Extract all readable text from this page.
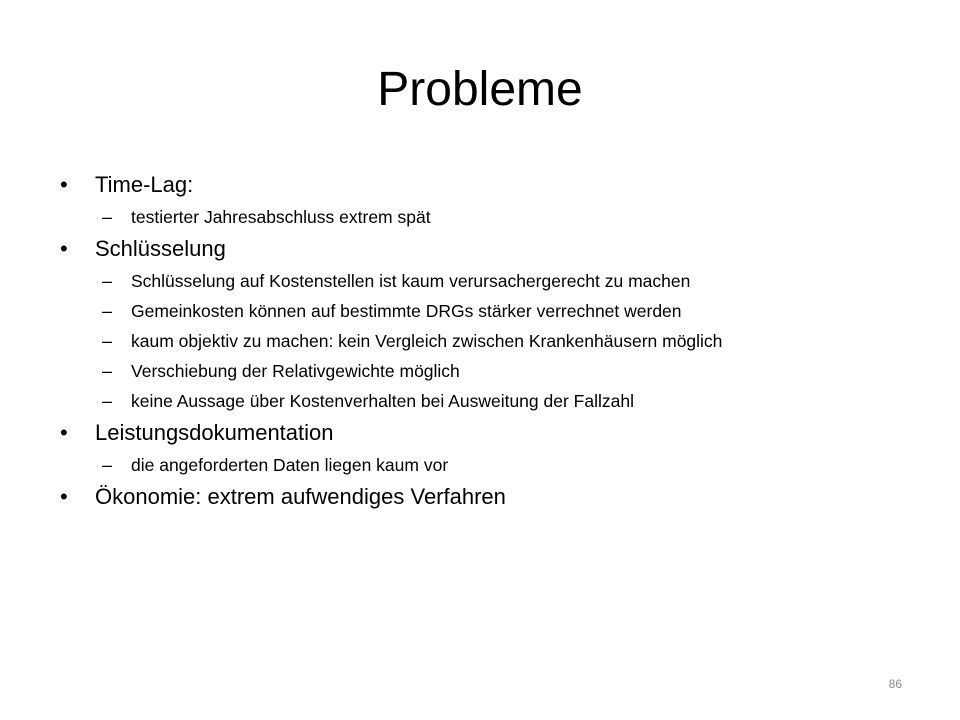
Probleme
• Time-Lag:
– testierter Jahresabschluss extrem spät
• Schlüsselung
– Schlüsselung auf Kostenstellen ist kaum verursachergerecht zu machen
– Gemeinkosten können auf bestimmte DRGs stärker verrechnet werden
– kaum objektiv zu machen: kein Vergleich zwischen Krankenhäusern möglich
– Verschiebung der Relativgewichte möglich
– keine Aussage über Kostenverhalten bei Ausweitung der Fallzahl
• Leistungsdokumentation
– die angeforderten Daten liegen kaum vor
• Ökonomie: extrem aufwendiges Verfahren
86
